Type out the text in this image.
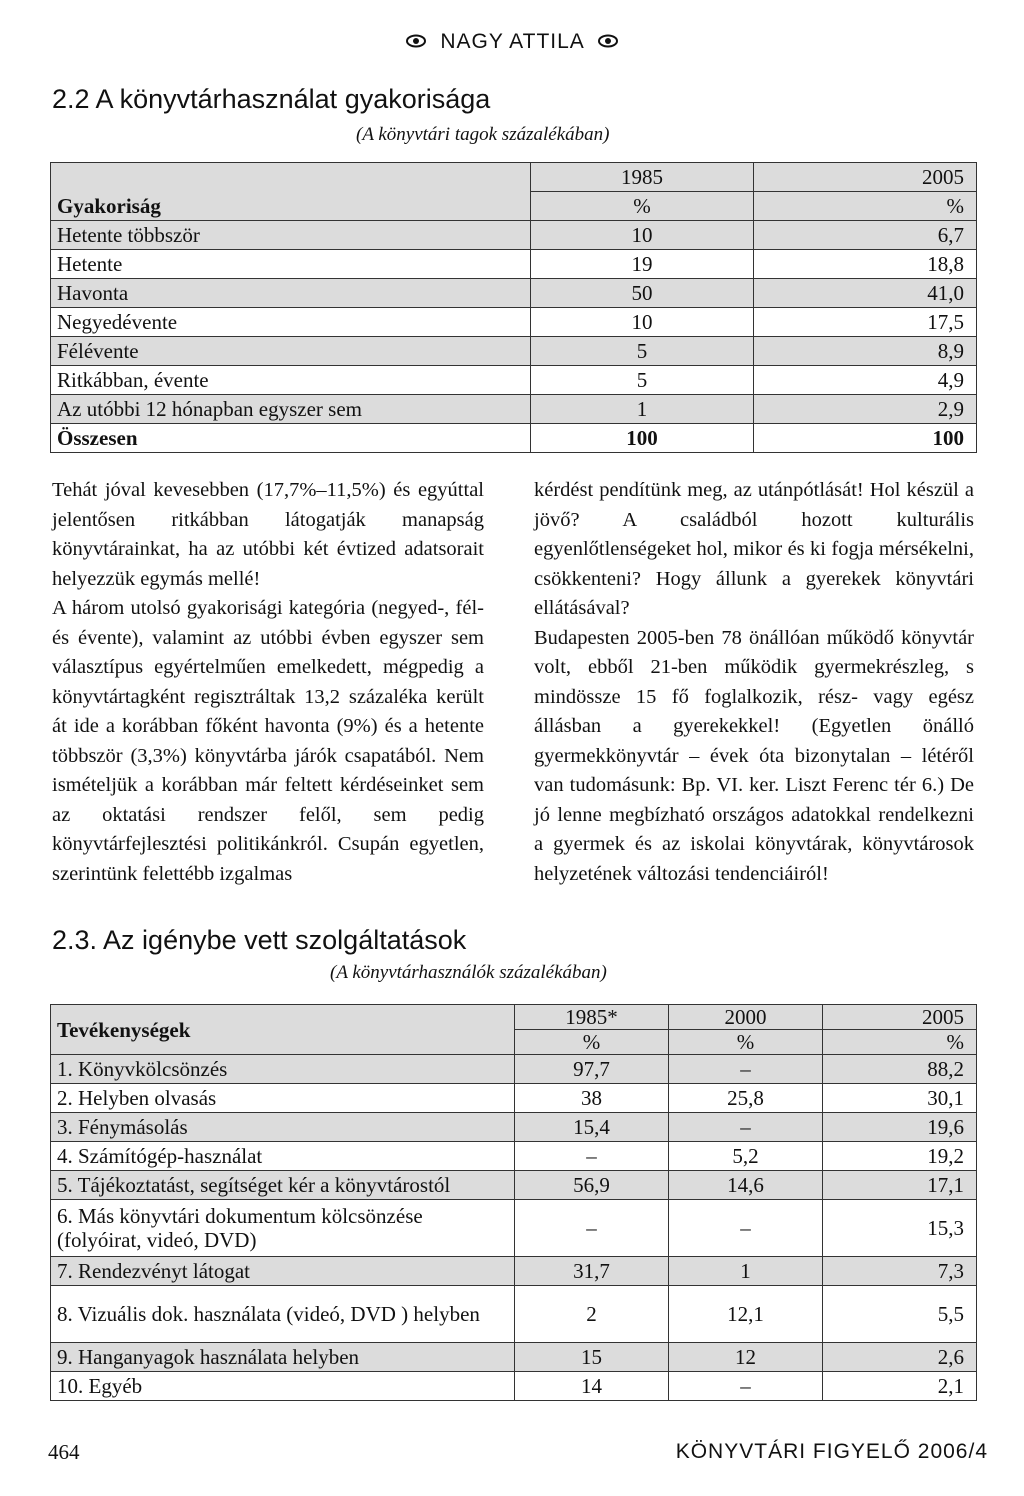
NAGY ATTILA
2.2 A könyvtárhasználat gyakorisága
(A könyvtári tagok százalékában)
	1985	2005
Gyakoriság	%	%
Hetente többször	10	6,7
Hetente	19	18,8
Havonta	50	41,0
Negyedévente	10	17,5
Félévente	5	8,9
Ritkábban, évente	5	4,9
Az utóbbi 12 hónapban egyszer sem	1	2,9
Összesen	100	100

Tehát jóval kevesebben (17,7%–11,5%) és egyúttal jelentősen ritkábban látogatják manapság könyvtárainkat, ha az utóbbi két évtized adatsorait helyezzük egymás mellé!

A három utolsó gyakorisági kategória (negyed-, fél- és évente), valamint az utóbbi évben egyszer sem választípus egyértelműen emelkedett, mégpedig a könyvtártagként regisztráltak 13,2 százaléka került át ide a korábban főként havonta (9%) és a hetente többször (3,3%) könyvtárba járók csapatából. Nem ismételjük a korábban már feltett kérdéseinket sem az oktatási rendszer felől, sem pedig könyvtárfejlesztési politikánkról. Csupán egyetlen, szerintünk felettébb izgalmas

kérdést pendítünk meg, az utánpótlását! Hol készül a jövő? A családból hozott kulturális egyenlőtlenségeket hol, mikor és ki fogja mérsékelni, csökkenteni? Hogy állunk a gyerekek könyvtári ellátásával?

Budapesten 2005-ben 78 önállóan működő könyvtár volt, ebből 21-ben működik gyermekrészleg, s mindössze 15 fő foglalkozik, rész- vagy egész állásban a gyerekekkel! (Egyetlen önálló gyermekkönyvtár – évek óta bizonytalan – létéről van tudomásunk: Bp. VI. ker. Liszt Ferenc tér 6.) De jó lenne megbízható országos adatokkal rendelkezni a gyermek és az iskolai könyvtárak, könyvtárosok helyzetének változási tendenciáiról!

2.3. Az igénybe vett szolgáltatások
(A könyvtárhasználók százalékában)
Tevékenységek	1985*	2000	2005
	%	%	%
1. Könyvkölcsönzés	97,7	–	88,2
2. Helyben olvasás	38	25,8	30,1
3. Fénymásolás	15,4	–	19,6
4. Számítógép-használat	–	5,2	19,2
5. Tájékoztatást, segítséget kér a könyvtárostól	56,9	14,6	17,1
6. Más könyvtári dokumentum kölcsönzése (folyóirat, videó, DVD)	–	–	15,3
7. Rendezvényt látogat	31,7	1	7,3
8. Vizuális dok. használata (videó, DVD ) helyben	2	12,1	5,5
9. Hanganyagok használata helyben	15	12	2,6
10. Egyéb	14	–	2,1
464	KÖNYVTÁRI FIGYELŐ 2006/4
